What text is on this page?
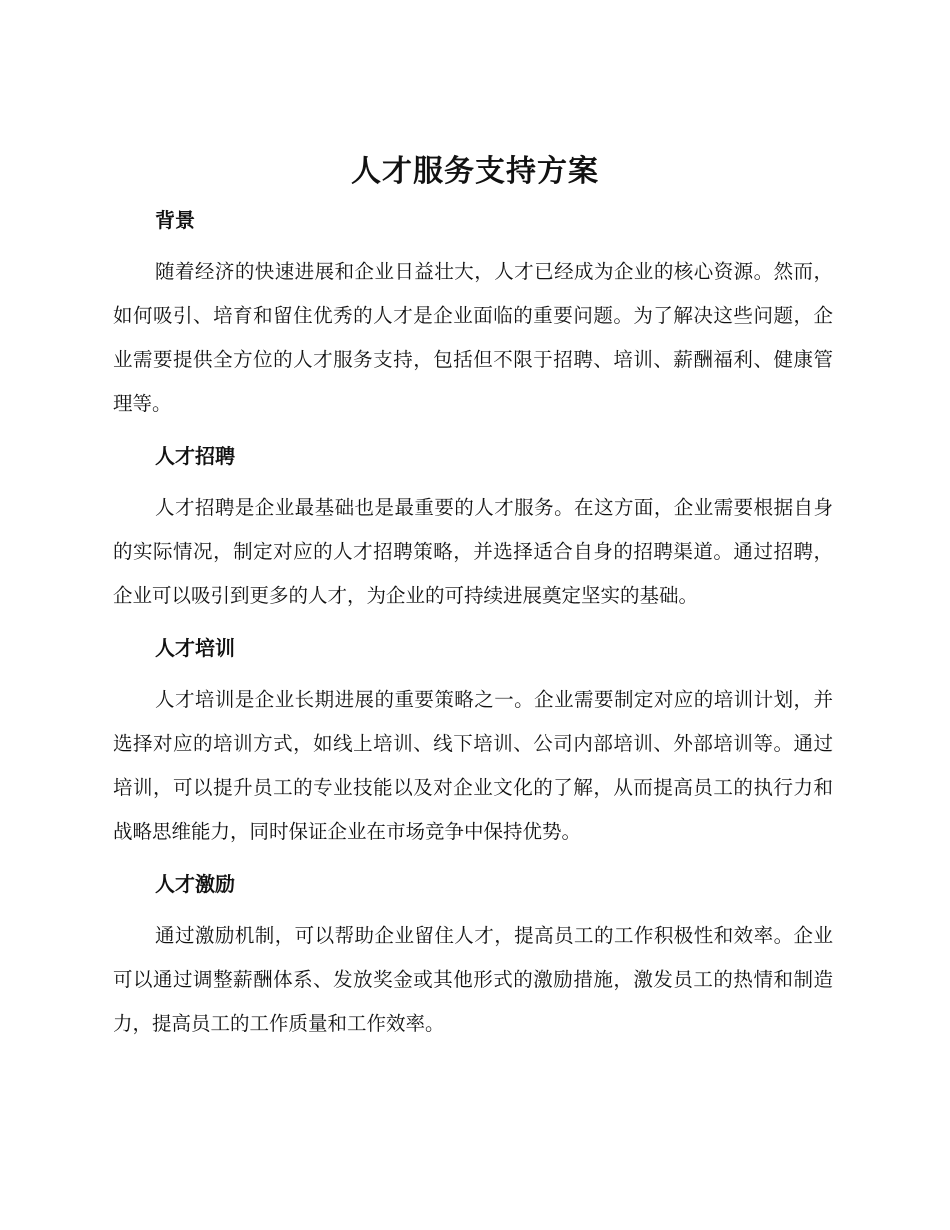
人才服务支持方案
背景

随着经济的快速进展和企业日益壮大，人才已经成为企业的核心资源。然而，如何吸引、培育和留住优秀的人才是企业面临的重要问题。为了解决这些问题，企业需要提供全方位的人才服务支持，包括但不限于招聘、培训、薪酬福利、健康管理等。

人才招聘

人才招聘是企业最基础也是最重要的人才服务。在这方面，企业需要根据自身的实际情况，制定对应的人才招聘策略，并选择适合自身的招聘渠道。通过招聘，企业可以吸引到更多的人才，为企业的可持续进展奠定坚实的基础。

人才培训

人才培训是企业长期进展的重要策略之一。企业需要制定对应的培训计划，并选择对应的培训方式，如线上培训、线下培训、公司内部培训、外部培训等。通过培训，可以提升员工的专业技能以及对企业文化的了解，从而提高员工的执行力和战略思维能力，同时保证企业在市场竞争中保持优势。

人才激励

通过激励机制，可以帮助企业留住人才，提高员工的工作积极性和效率。企业可以通过调整薪酬体系、发放奖金或其他形式的激励措施，激发员工的热情和制造力，提高员工的工作质量和工作效率。
